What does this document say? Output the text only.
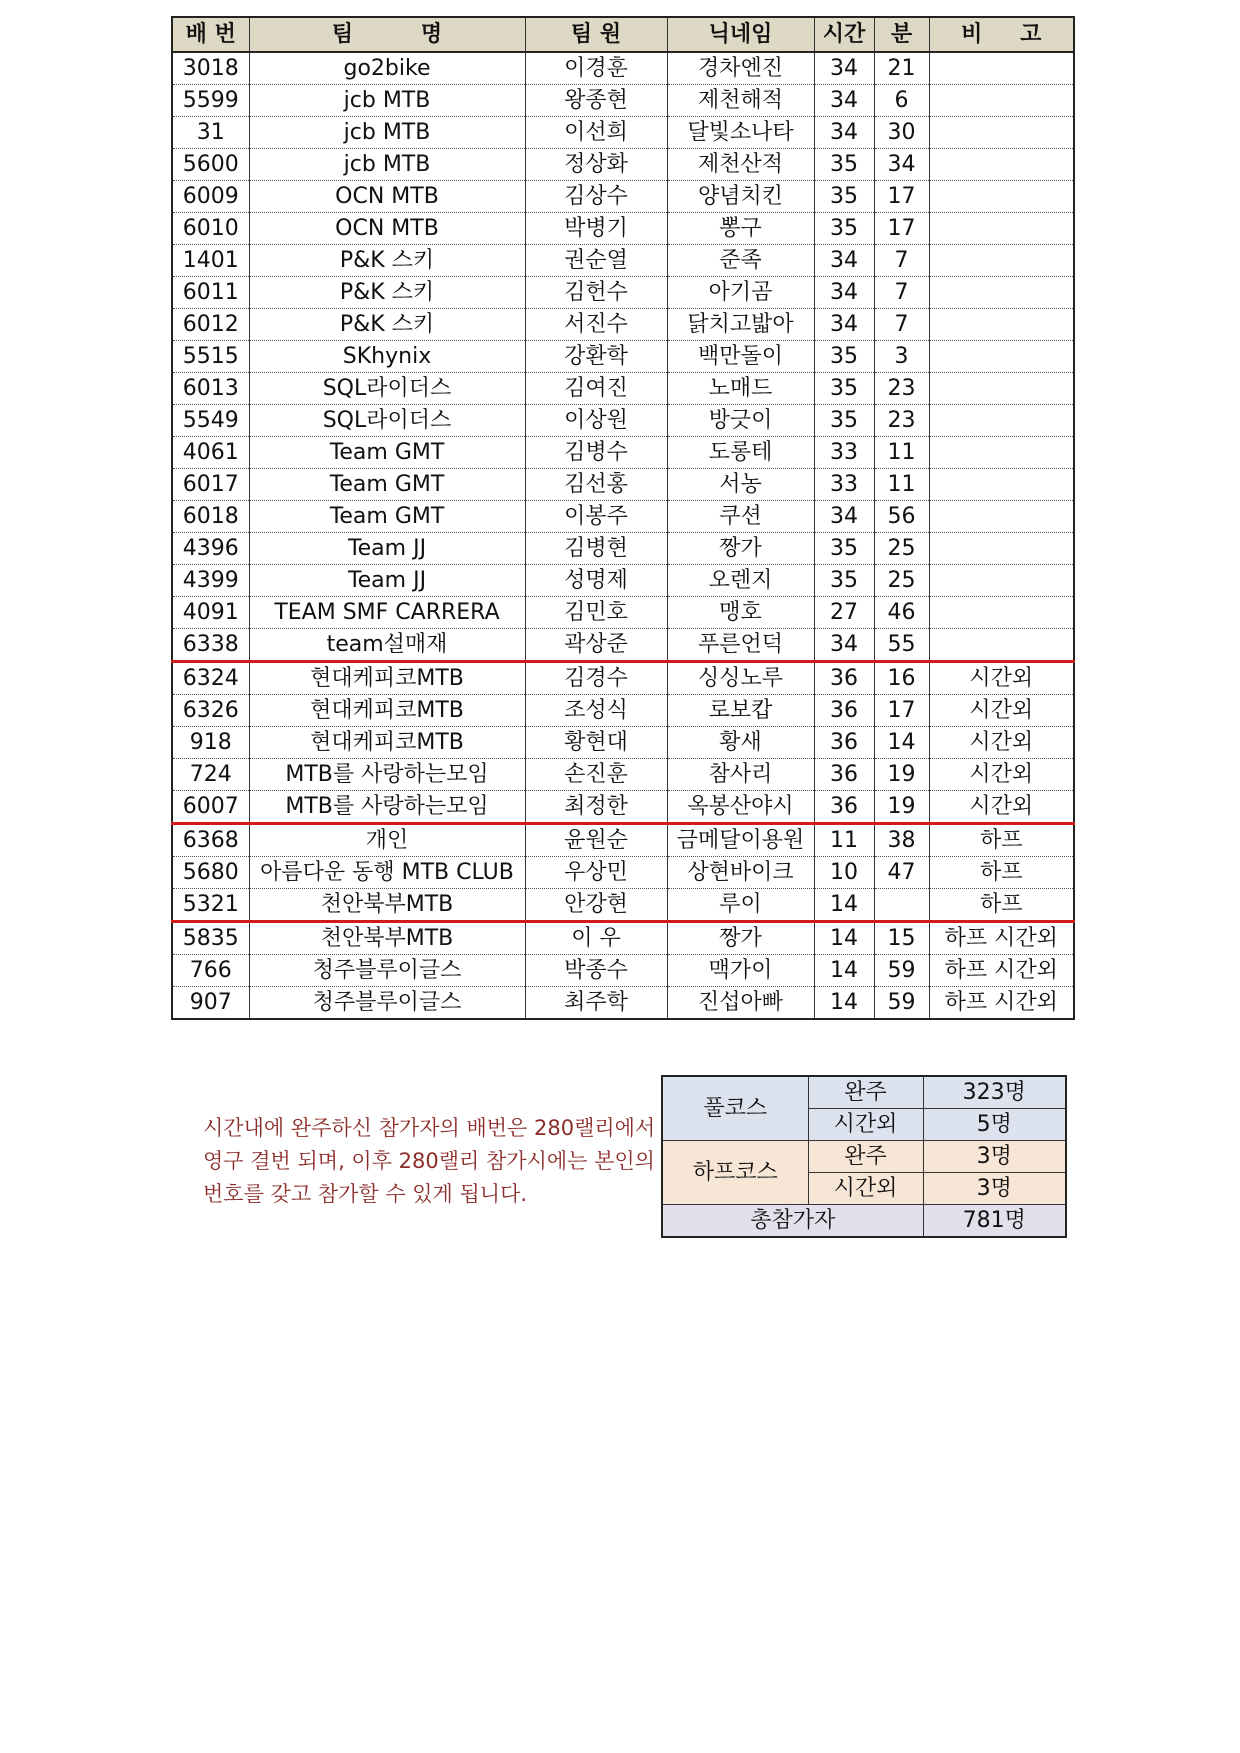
배 번	팀 명	팀 원	닉네임	시간	분	비 고
3018	go2bike	이경훈	경차엔진	34	21	
5599	jcb MTB	왕종현	제천해적	34	6	
31	jcb MTB	이선희	달빛소나타	34	30	
5600	jcb MTB	정상화	제천산적	35	34	
6009	OCN MTB	김상수	양념치킨	35	17	
6010	OCN MTB	박병기	뽕구	35	17	
1401	P&K 스키	권순열	준족	34	7	
6011	P&K 스키	김헌수	아기곰	34	7	
6012	P&K 스키	서진수	닭치고밟아	34	7	
5515	SKhynix	강환학	백만돌이	35	3	
6013	SQL라이더스	김여진	노매드	35	23	
5549	SQL라이더스	이상원	방긋이	35	23	
4061	Team GMT	김병수	도롱테	33	11	
6017	Team GMT	김선홍	서농	33	11	
6018	Team GMT	이봉주	쿠션	34	56	
4396	Team JJ	김병현	짱가	35	25	
4399	Team JJ	성명제	오렌지	35	25	
4091	TEAM SMF CARRERA	김민호	맹호	27	46	
6338	team설매재	곽상준	푸른언덕	34	55	
6324	현대케피코MTB	김경수	싱싱노루	36	16	시간외
6326	현대케피코MTB	조성식	로보캅	36	17	시간외
918	현대케피코MTB	황현대	황새	36	14	시간외
724	MTB를 사랑하는모임	손진훈	참사리	36	19	시간외
6007	MTB를 사랑하는모임	최정한	옥봉산야시	36	19	시간외
6368	개인	윤원순	금메달이용원	11	38	하프
5680	아름다운 동행 MTB CLUB	우상민	상현바이크	10	47	하프
5321	천안북부MTB	안강현	루이	14		하프
5835	천안북부MTB	이 우	짱가	14	15	하프 시간외
766	청주블루이글스	박종수	맥가이	14	59	하프 시간외
907	청주블루이글스	최주학	진섭아빠	14	59	하프 시간외

시간내에 완주하신 참가자의 배번은 280랠리에서 영구 결번 되며, 이후 280랠리 참가시에는 본인의 번호를 갖고 참가할 수 있게 됩니다.

풀코스	완주	323명
	시간외	5명
하프코스	완주	3명
	시간외	3명
총참가자		781명
